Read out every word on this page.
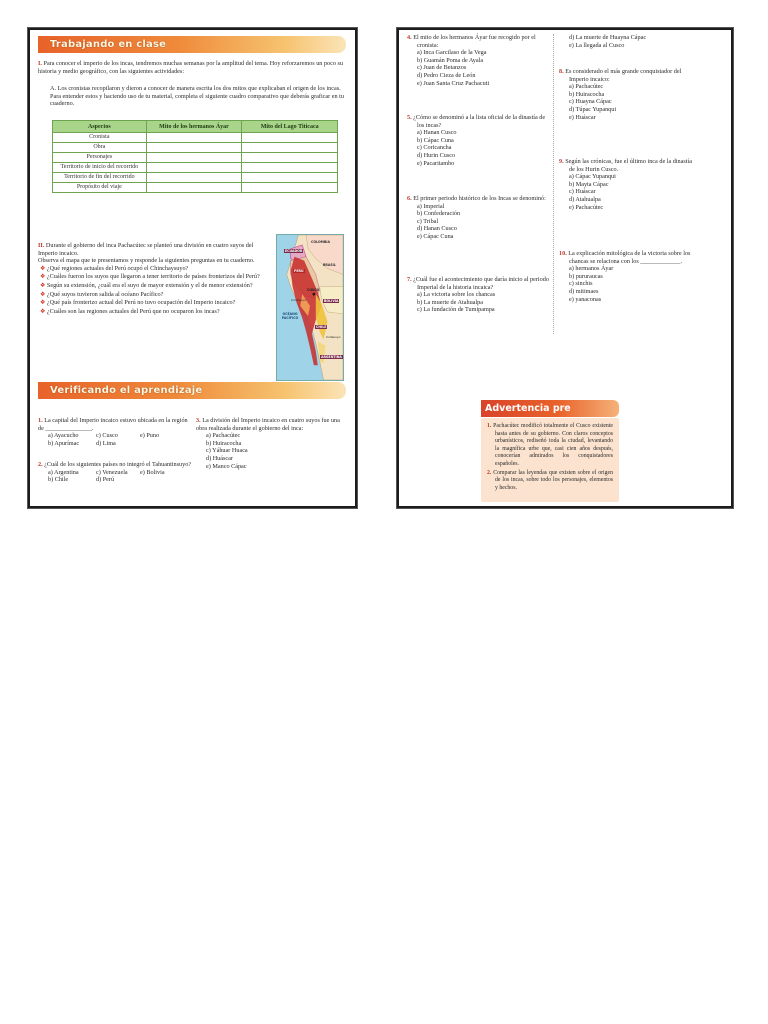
Trabajando en clase
I. Para conocer el imperio de los incas, tendremos muchas semanas por la amplitud del tema. Hoy reforzaremos un poco su historia y medio geográfico, con las siguientes actividades:
A. Los cronistas recopilaron y dieron a conocer de manera escrita los dos mitos que explicaban el origen de los incas. Para entender estos y haciendo uso de tu material, completa el siguiente cuadro comparativo que deberás graficar en tu cuaderno.
Aspectos	Mito de los hermanos Áyar	Mito del Lago Titicaca
Cronista		
Obra		
Personajes		
Territorio de inicio del recorrido		
Territorio de fin del recorrido		
Propósito del viaje		
II. Durante el gobierno del inca Pachacútec se planteó una división en cuatro suyos del Imperio incaico.
Observa el mapa que te presentamos y responde la siguientes preguntas en tu cuaderno.
❖ ¿Qué regiones actuales del Perú ocupó el Chinchaysuyo?
❖ ¿Cuáles fueron los suyos que llegaron a tener territorio de países fronterizos del Perú?
❖ Según su extensión, ¿cuál era el suyo de mayor extensión y el de menor extensión?
❖ ¿Qué suyos tuvieron salida al océano Pacífico?
❖ ¿Qué país fronterizo actual del Perú no tuvo ocupación del Imperio incaico?
❖ ¿Cuáles son las regiones actuales del Perú que no ocuparon los incas?
COLOMBIA
ECUADOR
BRASIL
PERÚ
CUSCO
BOLIVIA
Contisuyo
OCÉANO PACÍFICO
CHILE
Collasuyo
ARGENTINA
Verificando el aprendizaje
1. La capital del Imperio incaico estuvo ubicada en la región de _______________.
a) Ayacucho	c) Cusco	e) Puno
b) Apurímac	d) Lima
2. ¿Cuál de los siguientes países no integró el Tahuantinsuyo?
a) Argentina	c) Venezuela e) Bolivia
b) Chile	d) Perú
3. La división del Imperio incaico en cuatro suyos fue una obra realizada durante el gobierno del inca:
a) Pachacútec
b) Huiracocha
c) Yáhuar Huaca
d) Huáscar
e) Manco Cápac
4. El mito de los hermanos Áyar fue recogido por el cronista:
a) Inca Garcilaso de la Vega
b) Guamán Poma de Ayala
c) Juan de Betanzos
d) Pedro Cieza de León
e) Juan Santa Cruz Pachacuti
5. ¿Cómo se denominó a la lista oficial de la dinastía de los incas?
a) Hanan Cusco
b) Cápac Cuna
c) Coricancha
d) Hurin Cusco
e) Pacaritambo
6. El primer periodo histórico de los Incas se denominó:
a) Imperial
b) Confederación
c) Tribal
d) Hanan Cusco
e) Cápac Cuna
7. ¿Cuál fue el acontecimiento que daría inicio al periodo Imperial de la historia incaica?
a) La victoria sobre los chancas
b) La muerte de Atahualpa
c) La fundación de Tumipampa
d) La muerte de Huayna Cápac
e) La llegada al Cusco
8. Es considerado el más grande conquistador del Imperio incaico:
a) Pachacútec
b) Huiracocha
c) Huayna Cápac
d) Túpac Yupanqui
e) Huáscar
9. Según las crónicas, fue el último inca de la dinastía de los Hurin Cusco.
a) Cápac Yupanqui
b) Mayta Cápac
c) Huáscar
d) Atahualpa
e) Pachacútec
10. La explicación mitológica de la victoria sobre los chancas se relaciona con los _____________.
a) hermanos Áyar
b) pururaucas
c) sinchis
d) mitimaes
e) yanaconas
Advertencia pre
1. Pachacútec modificó totalmente el Cusco existente hasta antes de su gobierno. Con claros conceptos urbanísticos, rediseñó toda la ciudad, levantando la magnífica urbe que, casi cien años después, conocerían admirados los conquistadores españoles.
2. Comparar las leyendas que existen sobre el origen de los incas, sobre todo los personajes, elementos y hechos.
